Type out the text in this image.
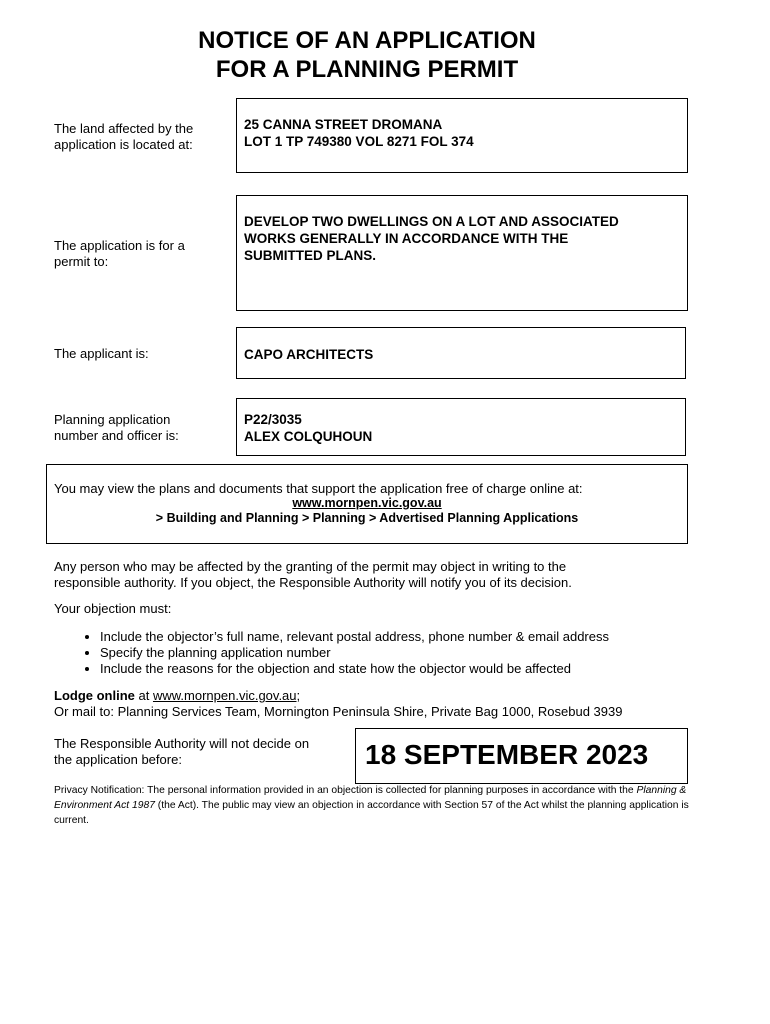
NOTICE OF AN APPLICATION
FOR A PLANNING PERMIT
The land affected by the
application is located at:
25 CANNA STREET DROMANA
LOT 1 TP 749380 VOL 8271 FOL 374
The application is for a
permit to:
DEVELOP TWO DWELLINGS ON A LOT AND ASSOCIATED
WORKS GENERALLY IN ACCORDANCE WITH THE
SUBMITTED PLANS.
The applicant is:	CAPO ARCHITECTS
Planning application
number and officer is:
P22/3035
ALEX COLQUHOUN
You may view the plans and documents that support the application free of charge online at:
www.mornpen.vic.gov.au
> Building and Planning > Planning > Advertised Planning Applications
Any person who may be affected by the granting of the permit may object in writing to the
responsible authority. If you object, the Responsible Authority will notify you of its decision.
Your objection must:
• Include the objector’s full name, relevant postal address, phone number & email address
• Specify the planning application number
• Include the reasons for the objection and state how the objector would be affected
Lodge online at www.mornpen.vic.gov.au;
Or mail to: Planning Services Team, Mornington Peninsula Shire, Private Bag 1000, Rosebud 3939
The Responsible Authority will not decide on
the application before:	18 SEPTEMBER 2023
Privacy Notification: The personal information provided in an objection is collected for planning purposes in accordance with the Planning & Environment Act 1987 (the Act). The public may view an objection in accordance with Section 57 of the Act whilst the planning application is current.
